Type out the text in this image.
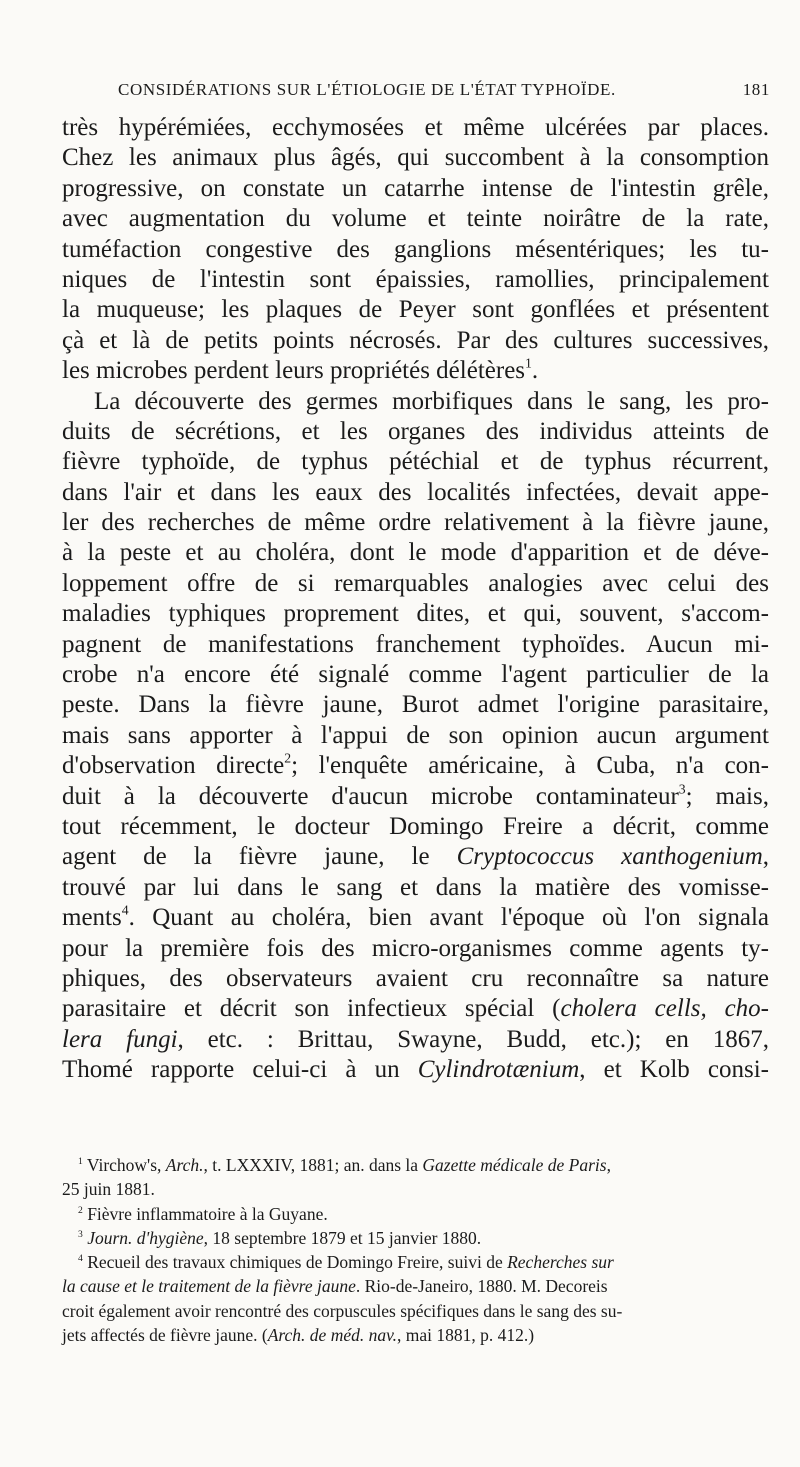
CONSIDÉRATIONS SUR L'ÉTIOLOGIE DE L'ÉTAT TYPHOÏDE.	181
très hypérémiées, ecchymosées et même ulcérées par places.
Chez les animaux plus âgés, qui succombent à la consomption
progressive, on constate un catarrhe intense de l'intestin grêle,
avec augmentation du volume et teinte noirâtre de la rate,
tuméfaction congestive des ganglions mésentériques; les tu-
niques de l'intestin sont épaissies, ramollies, principalement
la muqueuse; les plaques de Peyer sont gonflées et présentent
çà et là de petits points nécrosés. Par des cultures successives,
les microbes perdent leurs propriétés délétères$^1$.
La découverte des germes morbifiques dans le sang, les pro-
duits de sécrétions, et les organes des individus atteints de
fièvre typhoïde, de typhus pétéchial et de typhus récurrent,
dans l'air et dans les eaux des localités infectées, devait appe-
ler des recherches de même ordre relativement à la fièvre jaune,
à la peste et au choléra, dont le mode d'apparition et de déve-
loppement offre de si remarquables analogies avec celui des
maladies typhiques proprement dites, et qui, souvent, s'accom-
pagnent de manifestations franchement typhoïdes. Aucun mi-
crobe n'a encore été signalé comme l'agent particulier de la
peste. Dans la fièvre jaune, Burot admet l'origine parasitaire,
mais sans apporter à l'appui de son opinion aucun argument
d'observation directe$^2$; l'enquête américaine, à Cuba, n'a con-
duit à la découverte d'aucun microbe contaminateur$^3$; mais,
tout récemment, le docteur Domingo Freire a décrit, comme
agent de la fièvre jaune, le Cryptococcus xanthogenium,
trouvé par lui dans le sang et dans la matière des vomisse-
ments$^4$. Quant au choléra, bien avant l'époque où l'on signala
pour la première fois des micro-organismes comme agents ty-
phiques, des observateurs avaient cru reconnaître sa nature
parasitaire et décrit son infectieux spécial (cholera cells, cho-
lera fungi, etc. : Brittau, Swayne, Budd, etc.); en 1867,
Thomé rapporte celui-ci à un Cylindrotænium, et Kolb consi-
$^1$ Virchow's, Arch., t. LXXXIV, 1881; an. dans la Gazette médicale de Paris,
25 juin 1881.
$^2$ Fièvre inflammatoire à la Guyane.
$^3$ Journ. d'hygiène, 18 septembre 1879 et 15 janvier 1880.
$^4$ Recueil des travaux chimiques de Domingo Freire, suivi de Recherches sur
la cause et le traitement de la fièvre jaune. Rio-de-Janeiro, 1880. M. Decoreis
croit également avoir rencontré des corpuscules spécifiques dans le sang des su-
jets affectés de fièvre jaune. (Arch. de méd. nav., mai 1881, p. 412.)
